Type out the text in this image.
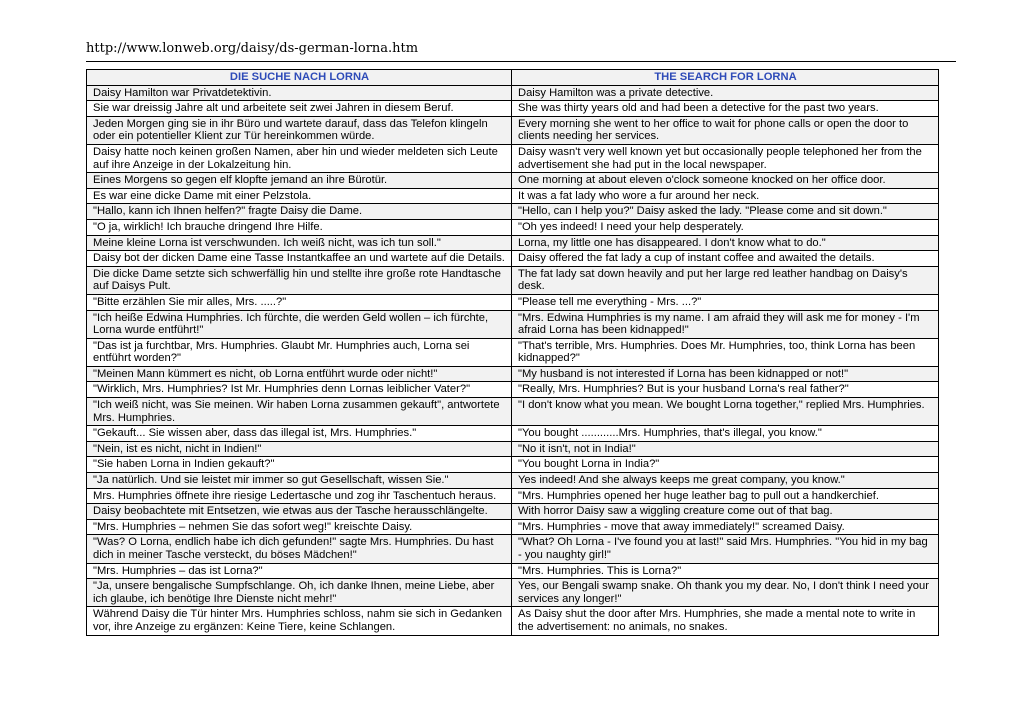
http://www.lonweb.org/daisy/ds-german-lorna.htm
DIE SUCHE NACH LORNA	THE SEARCH FOR LORNA
Daisy Hamilton war Privatdetektivin.	Daisy Hamilton was a private detective.
Sie war dreissig Jahre alt und arbeitete seit zwei Jahren in diesem Beruf.	She was thirty years old and had been a detective for the past two years.
Jeden Morgen ging sie in ihr Büro und wartete darauf, dass das Telefon klingeln oder ein potentieller Klient zur Tür hereinkommen würde.	Every morning she went to her office to wait for phone calls or open the door to clients needing her services.
Daisy hatte noch keinen großen Namen, aber hin und wieder meldeten sich Leute auf ihre Anzeige in der Lokalzeitung hin.	Daisy wasn't very well known yet but occasionally people telephoned her from the advertisement she had put in the local newspaper.
Eines Morgens so gegen elf klopfte jemand an ihre Bürotür.	One morning at about eleven o'clock someone knocked on her office door.
Es war eine dicke Dame mit einer Pelzstola.	It was a fat lady who wore a fur around her neck.
"Hallo, kann ich Ihnen helfen?" fragte Daisy die Dame.	"Hello, can I help you?" Daisy asked the lady. "Please come and sit down."
"O ja, wirklich! Ich brauche dringend Ihre Hilfe.	"Oh yes indeed! I need your help desperately.
Meine kleine Lorna ist verschwunden. Ich weiß nicht, was ich tun soll."	Lorna, my little one has disappeared. I don't know what to do."
Daisy bot der dicken Dame eine Tasse Instantkaffee an und wartete auf die Details.	Daisy offered the fat lady a cup of instant coffee and awaited the details.
Die dicke Dame setzte sich schwerfällig hin und stellte ihre große rote Handtasche auf Daisys Pult.	The fat lady sat down heavily and put her large red leather handbag on Daisy's desk.
"Bitte erzählen Sie mir alles, Mrs. .....?"	"Please tell me everything - Mrs. ...?"
"Ich heiße Edwina Humphries. Ich fürchte, die werden Geld wollen – ich fürchte, Lorna wurde entführt!"	"Mrs. Edwina Humphries is my name. I am afraid they will ask me for money - I'm afraid Lorna has been kidnapped!"
"Das ist ja furchtbar, Mrs. Humphries. Glaubt Mr. Humphries auch, Lorna sei entführt worden?"	"That's terrible, Mrs. Humphries. Does Mr. Humphries, too, think Lorna has been kidnapped?"
"Meinen Mann kümmert es nicht, ob Lorna entführt wurde oder nicht!"	"My husband is not interested if Lorna has been kidnapped or not!"
"Wirklich, Mrs. Humphries? Ist Mr. Humphries denn Lornas leiblicher Vater?"	"Really, Mrs. Humphries? But is your husband Lorna's real father?"
"Ich weiß nicht, was Sie meinen. Wir haben Lorna zusammen gekauft", antwortete Mrs. Humphries.	"I don't know what you mean. We bought Lorna together," replied Mrs. Humphries.
"Gekauft... Sie wissen aber, dass das illegal ist, Mrs. Humphries."	"You bought ............Mrs. Humphries, that's illegal, you know."
"Nein, ist es nicht, nicht in Indien!"	"No it isn't, not in India!"
"Sie haben Lorna in Indien gekauft?"	"You bought Lorna in India?"
"Ja natürlich. Und sie leistet mir immer so gut Gesellschaft, wissen Sie."	Yes indeed! And she always keeps me great company, you know."
Mrs. Humphries öffnete ihre riesige Ledertasche und zog ihr Taschentuch heraus.	"Mrs. Humphries opened her huge leather bag to pull out a handkerchief.
Daisy beobachtete mit Entsetzen, wie etwas aus der Tasche herausschlängelte.	With horror Daisy saw a wiggling creature come out of that bag.
"Mrs. Humphries – nehmen Sie das sofort weg!" kreischte Daisy.	"Mrs. Humphries - move that away immediately!" screamed Daisy.
"Was? O Lorna, endlich habe ich dich gefunden!" sagte Mrs. Humphries. Du hast dich in meiner Tasche versteckt, du böses Mädchen!"	"What? Oh Lorna - I've found you at last!" said Mrs. Humphries. "You hid in my bag - you naughty girl!"
"Mrs. Humphries – das ist Lorna?"	"Mrs. Humphries. This is Lorna?"
"Ja, unsere bengalische Sumpfschlange. Oh, ich danke Ihnen, meine Liebe, aber ich glaube, ich benötige Ihre Dienste nicht mehr!"	Yes, our Bengali swamp snake. Oh thank you my dear. No, I don't think I need your services any longer!"
Während Daisy die Tür hinter Mrs. Humphries schloss, nahm sie sich in Gedanken vor, ihre Anzeige zu ergänzen: Keine Tiere, keine Schlangen.	As Daisy shut the door after Mrs. Humphries, she made a mental note to write in the advertisement: no animals, no snakes.
